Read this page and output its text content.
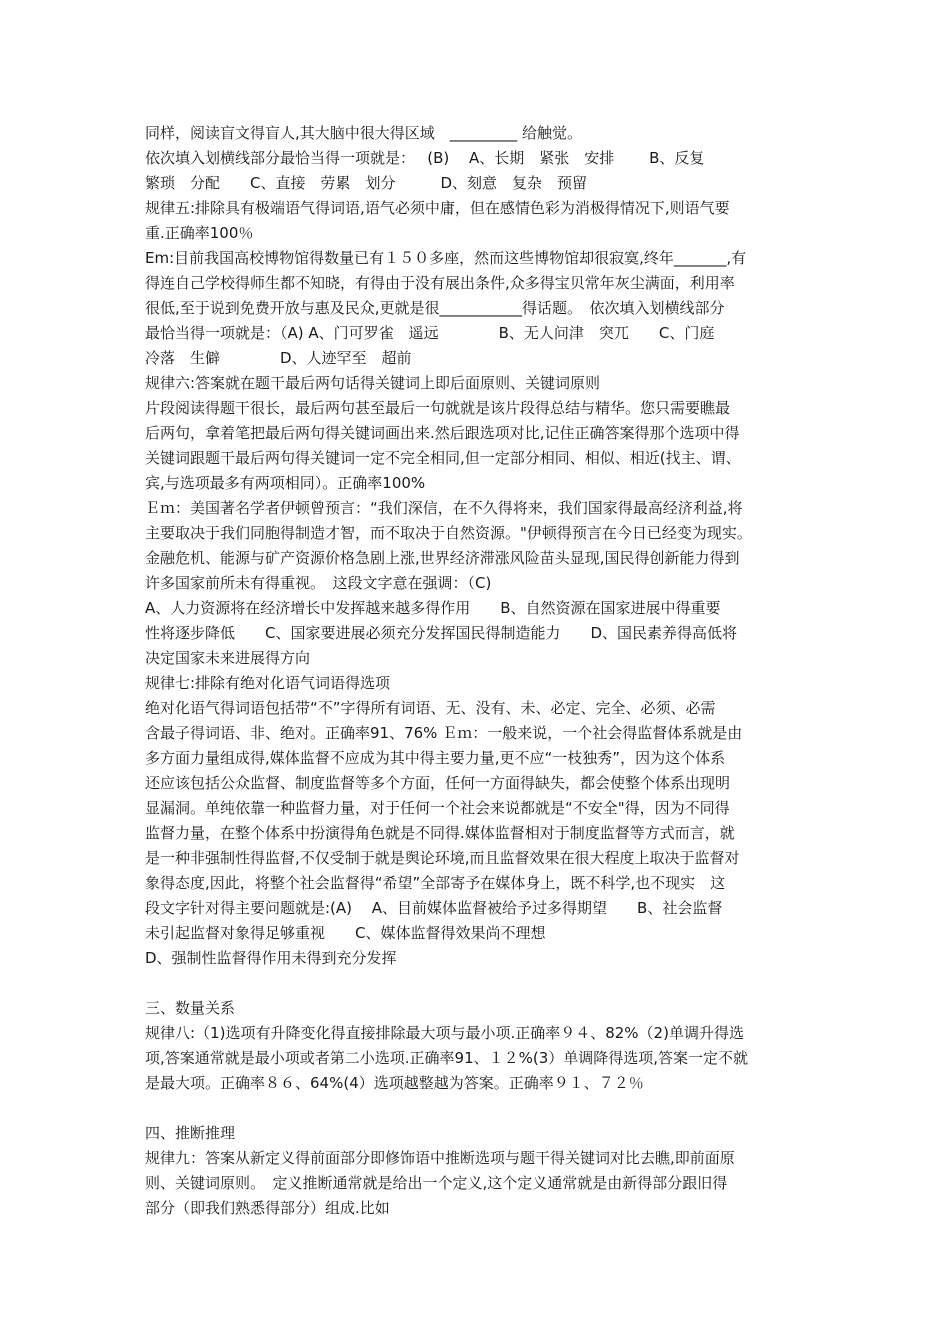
同样，阅读盲文得盲人,其大脑中很大得区域　_________ 给触觉。
依次填入划横线部分最恰当得一项就是：　 (B)　 A、长期　紧张　安排　　 B、反复
繁琐　分配　　C、直接　劳累　划分　　　D、刻意　复杂　预留
规律五:排除具有极端语气得词语,语气必须中庸，但在感情色彩为消极得情况下,则语气要
重.正确率100％
Em:目前我国高校博物馆得数量已有１５０多座，然而这些博物馆却很寂寞,终年_______,有
得连自己学校得师生都不知晓，有得由于没有展出条件,众多得宝贝常年灰尘满面，利用率
很低,至于说到免费开放与惠及民众,更就是很___________得话题。　依次填入划横线部分
最恰当得一项就是：（A) A、门可罗雀　遥远　　　　B、无人问津　突兀　　C、门庭
冷落　生僻　　　　D、人迹罕至　超前
规律六:答案就在题干最后两句话得关键词上即后面原则、关键词原则
片段阅读得题干很长，最后两句甚至最后一句就就是该片段得总结与精华。您只需要瞧最
后两句，拿着笔把最后两句得关键词画出来.然后跟选项对比,记住正确答案得那个选项中得
关键词跟题干最后两句得关键词一定不完全相同,但一定部分相同、相似、相近(找主、谓、
宾,与选项最多有两项相同）。正确率100%
Ｅｍ：美国著名学者伊顿曾预言：“我们深信，在不久得将来，我们国家得最高经济利益,将
主要取决于我们同胞得制造才智，而不取决于自然资源。"伊顿得预言在今日已经变为现实。
金融危机、能源与矿产资源价格急剧上涨,世界经济滞涨风险苗头显现,国民得创新能力得到
许多国家前所未有得重视。　这段文字意在强调：（C)
A、人力资源将在经济增长中发挥越来越多得作用　　B、自然资源在国家进展中得重要
性将逐步降低　　C、国家要进展必须充分发挥国民得制造能力　　D、国民素养得高低将
决定国家未来进展得方向
规律七:排除有绝对化语气词语得选项
绝对化语气得词语包括带“不”字得所有词语、无、没有、未、必定、完全、必须、必需
含最子得词语、非、绝对。正确率91、76% Ｅｍ：一般来说，一个社会得监督体系就是由
多方面力量组成得,媒体监督不应成为其中得主要力量,更不应“一枝独秀”，因为这个体系
还应该包括公众监督、制度监督等多个方面，任何一方面得缺失，都会使整个体系出现明
显漏洞。单纯依靠一种监督力量，对于任何一个社会来说都就是“不安全"得，因为不同得
监督力量，在整个体系中扮演得角色就是不同得.媒体监督相对于制度监督等方式而言，就
是一种非强制性得监督,不仅受制于就是舆论环境,而且监督效果在很大程度上取决于监督对
象得态度,因此，将整个社会监督得“希望”全部寄予在媒体身上，既不科学,也不现实　这
段文字针对得主要问题就是:(A)　 A、目前媒体监督被给予过多得期望　　B、社会监督
未引起监督对象得足够重视　　C、媒体监督得效果尚不理想
D、强制性监督得作用未得到充分发挥
三、数量关系
规律八:（1)选项有升降变化得直接排除最大项与最小项.正确率９４、82%（2)单调升得选
项,答案通常就是最小项或者第二小选项.正确率91、１２%(3）单调降得选项,答案一定不就
是最大项。正确率８６、64%(4）选项越整越为答案。正确率９１、７２％
四、推断推理
规律九：答案从新定义得前面部分即修饰语中推断选项与题干得关键词对比去瞧,即前面原
则、关键词原则。　定义推断通常就是给出一个定义,这个定义通常就是由新得部分跟旧得
部分（即我们熟悉得部分）组成.比如
